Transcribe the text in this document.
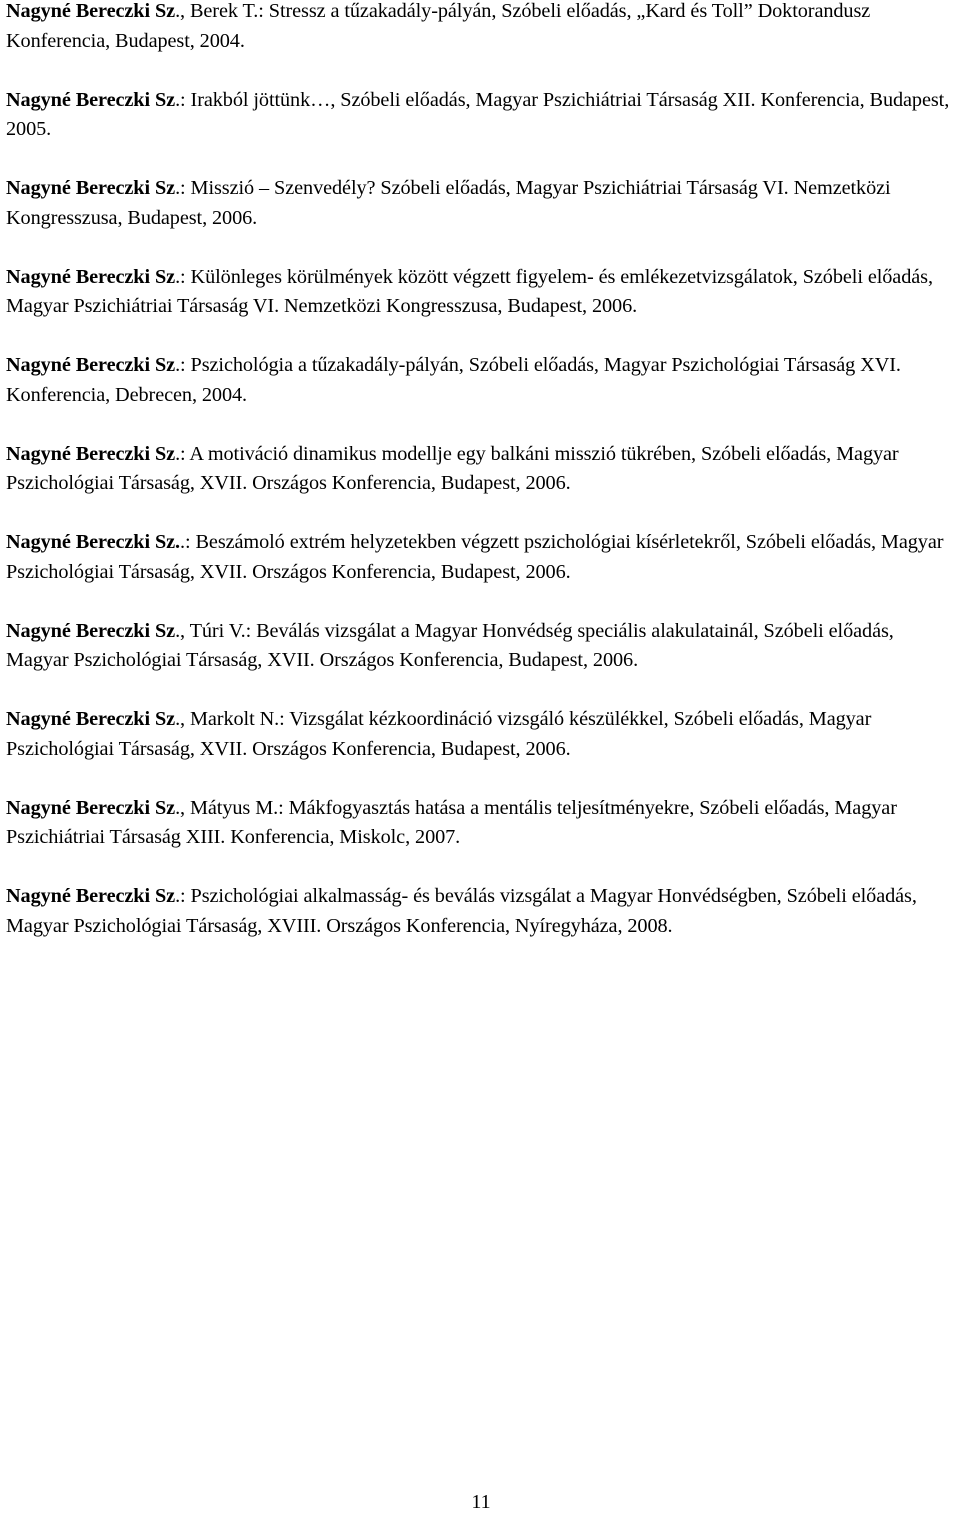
Nagyné Bereczki Sz., Berek T.: Stressz a tűzakadály-pályán, Szóbeli előadás, „Kard és Toll” Doktorandusz Konferencia, Budapest, 2004.

Nagyné Bereczki Sz.: Irakból jöttünk…, Szóbeli előadás, Magyar Pszichiátriai Társaság XII. Konferencia, Budapest, 2005.

Nagyné Bereczki Sz.: Misszió – Szenvedély? Szóbeli előadás, Magyar Pszichiátriai Társaság VI. Nemzetközi Kongresszusa, Budapest, 2006.

Nagyné Bereczki Sz.: Különleges körülmények között végzett figyelem- és emlékezetvizsgálatok, Szóbeli előadás, Magyar Pszichiátriai Társaság VI. Nemzetközi Kongresszusa, Budapest, 2006.

Nagyné Bereczki Sz.: Pszichológia a tűzakadály-pályán, Szóbeli előadás, Magyar Pszichológiai Társaság XVI. Konferencia, Debrecen, 2004.

Nagyné Bereczki Sz.: A motiváció dinamikus modellje egy balkáni misszió tükrében, Szóbeli előadás, Magyar Pszichológiai Társaság, XVII. Országos Konferencia, Budapest, 2006.

Nagyné Bereczki Sz..: Beszámoló extrém helyzetekben végzett pszichológiai kísérletekről, Szóbeli előadás, Magyar Pszichológiai Társaság, XVII. Országos Konferencia, Budapest, 2006.

Nagyné Bereczki Sz., Túri V.: Beválás vizsgálat a Magyar Honvédség speciális alakulatainál, Szóbeli előadás, Magyar Pszichológiai Társaság, XVII. Országos Konferencia, Budapest, 2006.

Nagyné Bereczki Sz., Markolt N.: Vizsgálat kézkoordináció vizsgáló készülékkel, Szóbeli előadás, Magyar Pszichológiai Társaság, XVII. Országos Konferencia, Budapest, 2006.

Nagyné Bereczki Sz., Mátyus M.: Mákfogyasztás hatása a mentális teljesítményekre, Szóbeli előadás, Magyar Pszichiátriai Társaság XIII. Konferencia, Miskolc, 2007.

Nagyné Bereczki Sz.: Pszichológiai alkalmasság- és beválás vizsgálat a Magyar Honvédségben, Szóbeli előadás, Magyar Pszichológiai Társaság, XVIII. Országos Konferencia, Nyíregyháza, 2008.

11
